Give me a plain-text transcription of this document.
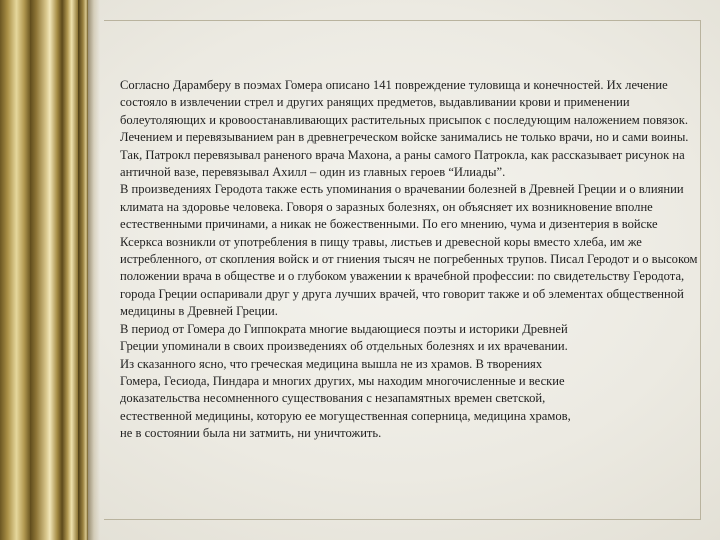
Согласно Дарамберу в поэмах Гомера описано 141 повреждение туловища и конечностей. Их лечение состояло в извлечении стрел и других ранящих предметов, выдавливании крови и применении болеутоляющих и кровоостанавливающих растительных присыпок с последующим наложением повязок. Лечением и перевязыванием ран в древнегреческом войске занимались не только врачи, но и сами воины. Так, Патрокл перевязывал раненого врача Махона, а раны самого Патрокла, как рассказывает рисунок на античной вазе, перевязывал Ахилл – один из главных героев “Илиады”.

В произведениях Геродота также есть упоминания о врачевании болезней в Древней Греции и о влиянии климата на здоровье человека. Говоря о заразных болезнях, он объясняет их возникновение вполне естественными причинами, а никак не божественными. По его мнению, чума и дизентерия в войске Ксеркса возникли от употребления в пищу травы, листьев и древесной коры вместо хлеба, им же истребленного, от скопления войск и от гниения тысяч не погребенных трупов. Писал Геродот и о высоком положении врача в обществе и о глубоком уважении к врачебной профессии: по свидетельству Геродота, города Греции оспаривали друг у друга лучших врачей, что говорит также и об элементах общественной медицины в Древней Греции.

В период от Гомера до Гиппократа многие выдающиеся поэты и историки Древней
Греции упоминали в своих произведениях об отдельных болезнях и их врачевании.
Из сказанного ясно, что греческая медицина вышла не из храмов. В творениях
Гомера, Гесиода, Пиндара и многих других, мы находим многочисленные и веские
доказательства несомненного существования с незапамятных времен светской,
естественной медицины, которую ее могущественная соперница, медицина храмов,
не в состоянии была ни затмить, ни уничтожить.
